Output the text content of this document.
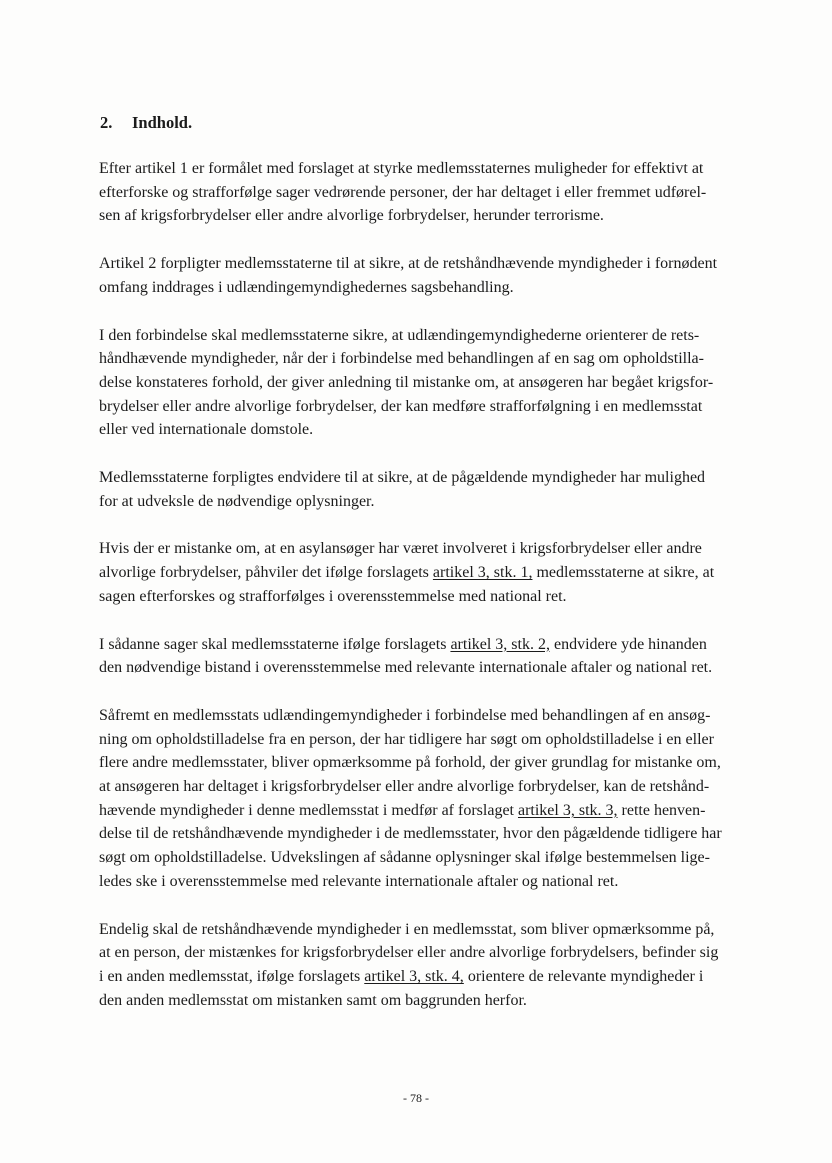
2. Indhold.

Efter artikel 1 er formålet med forslaget at styrke medlemsstaternes muligheder for effektivt at
efterforske og strafforfølge sager vedrørende personer, der har deltaget i eller fremmet udførel-
sen af krigsforbrydelser eller andre alvorlige forbrydelser, herunder terrorisme.

Artikel 2 forpligter medlemsstaterne til at sikre, at de retshåndhævende myndigheder i fornødent
omfang inddrages i udlændingemyndighedernes sagsbehandling.

I den forbindelse skal medlemsstaterne sikre, at udlændingemyndighederne orienterer de rets-
håndhævende myndigheder, når der i forbindelse med behandlingen af en sag om opholdstilla-
delse konstateres forhold, der giver anledning til mistanke om, at ansøgeren har begået krigsfor-
brydelser eller andre alvorlige forbrydelser, der kan medføre strafforfølgning i en medlemsstat
eller ved internationale domstole.

Medlemsstaterne forpligtes endvidere til at sikre, at de pågældende myndigheder har mulighed
for at udveksle de nødvendige oplysninger.

Hvis der er mistanke om, at en asylansøger har været involveret i krigsforbrydelser eller andre
alvorlige forbrydelser, påhviler det ifølge forslagets artikel 3, stk. 1, medlemsstaterne at sikre, at
sagen efterforskes og strafforfølges i overensstemmelse med national ret.

I sådanne sager skal medlemsstaterne ifølge forslagets artikel 3, stk. 2, endvidere yde hinanden
den nødvendige bistand i overensstemmelse med relevante internationale aftaler og national ret.

Såfremt en medlemsstats udlændingemyndigheder i forbindelse med behandlingen af en ansøg-
ning om opholdstilladelse fra en person, der har tidligere har søgt om opholdstilladelse i en eller
flere andre medlemsstater, bliver opmærksomme på forhold, der giver grundlag for mistanke om,
at ansøgeren har deltaget i krigsforbrydelser eller andre alvorlige forbrydelser, kan de retshånd-
hævende myndigheder i denne medlemsstat i medfør af forslaget artikel 3, stk. 3, rette henven-
delse til de retshåndhævende myndigheder i de medlemsstater, hvor den pågældende tidligere har
søgt om opholdstilladelse. Udvekslingen af sådanne oplysninger skal ifølge bestemmelsen lige-
ledes ske i overensstemmelse med relevante internationale aftaler og national ret.

Endelig skal de retshåndhævende myndigheder i en medlemsstat, som bliver opmærksomme på,
at en person, der mistænkes for krigsforbrydelser eller andre alvorlige forbrydelsers, befinder sig
i en anden medlemsstat, ifølge forslagets artikel 3, stk. 4, orientere de relevante myndigheder i
den anden medlemsstat om mistanken samt om baggrunden herfor.

- 78 -
